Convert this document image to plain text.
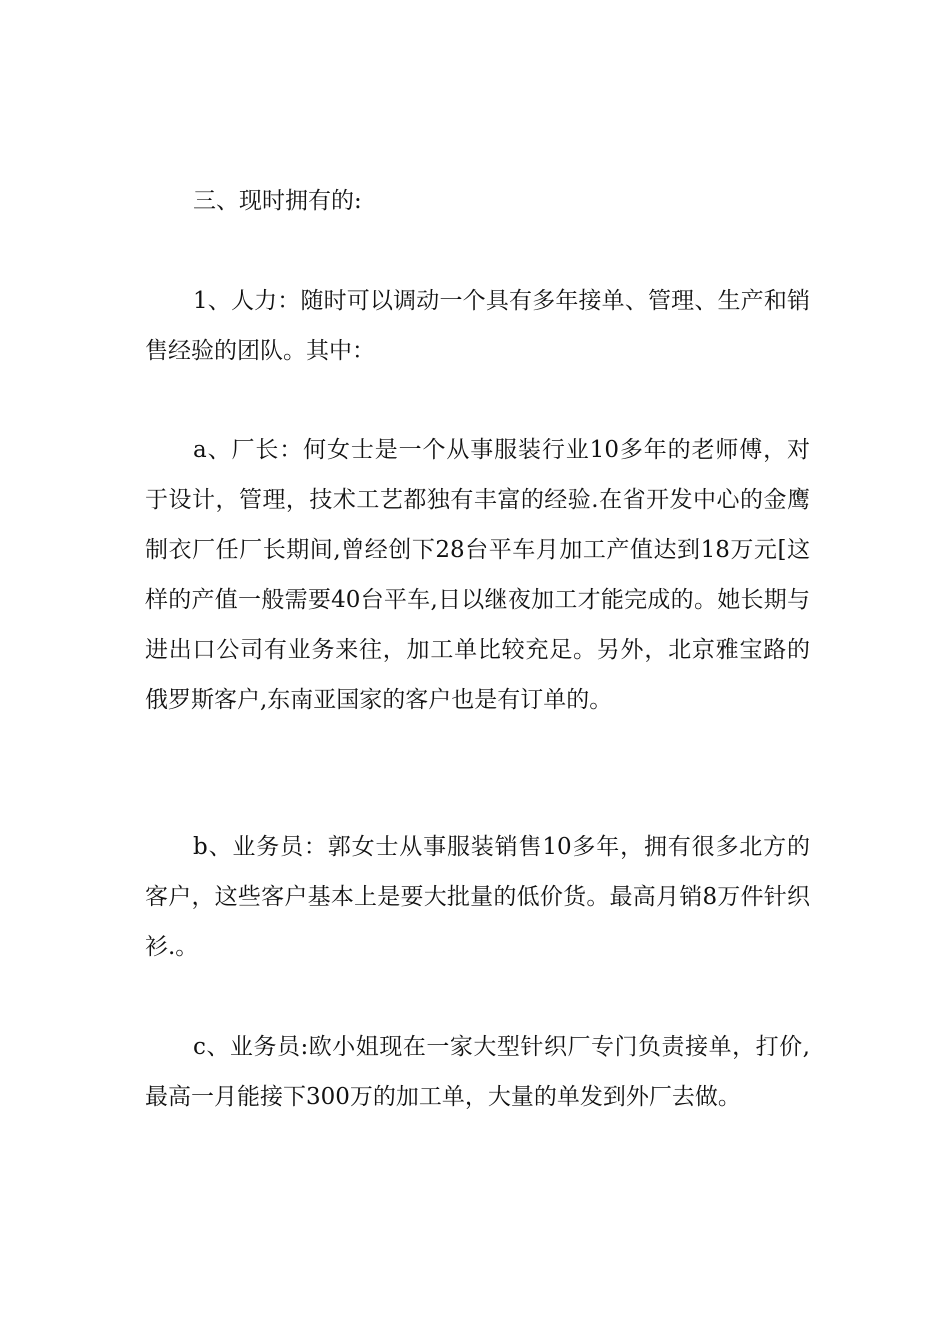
三、现时拥有的:

1、人力：随时可以调动一个具有多年接单、管理、生产和销售经验的团队。其中：

a、厂长：何女士是一个从事服装行业10多年的老师傅，对于设计，管理，技术工艺都独有丰富的经验.在省开发中心的金鹰制衣厂任厂长期间,曾经创下28台平车月加工产值达到18万元[这样的产值一般需要40台平车,日以继夜加工才能完成的。她长期与进出口公司有业务来往，加工单比较充足。另外，北京雅宝路的俄罗斯客户,东南亚国家的客户也是有订单的。

b、业务员：郭女士从事服装销售10多年，拥有很多北方的客户，这些客户基本上是要大批量的低价货。最高月销8万件针织衫.。

c、业务员:欧小姐现在一家大型针织厂专门负责接单，打价,最高一月能接下300万的加工单，大量的单发到外厂去做。
